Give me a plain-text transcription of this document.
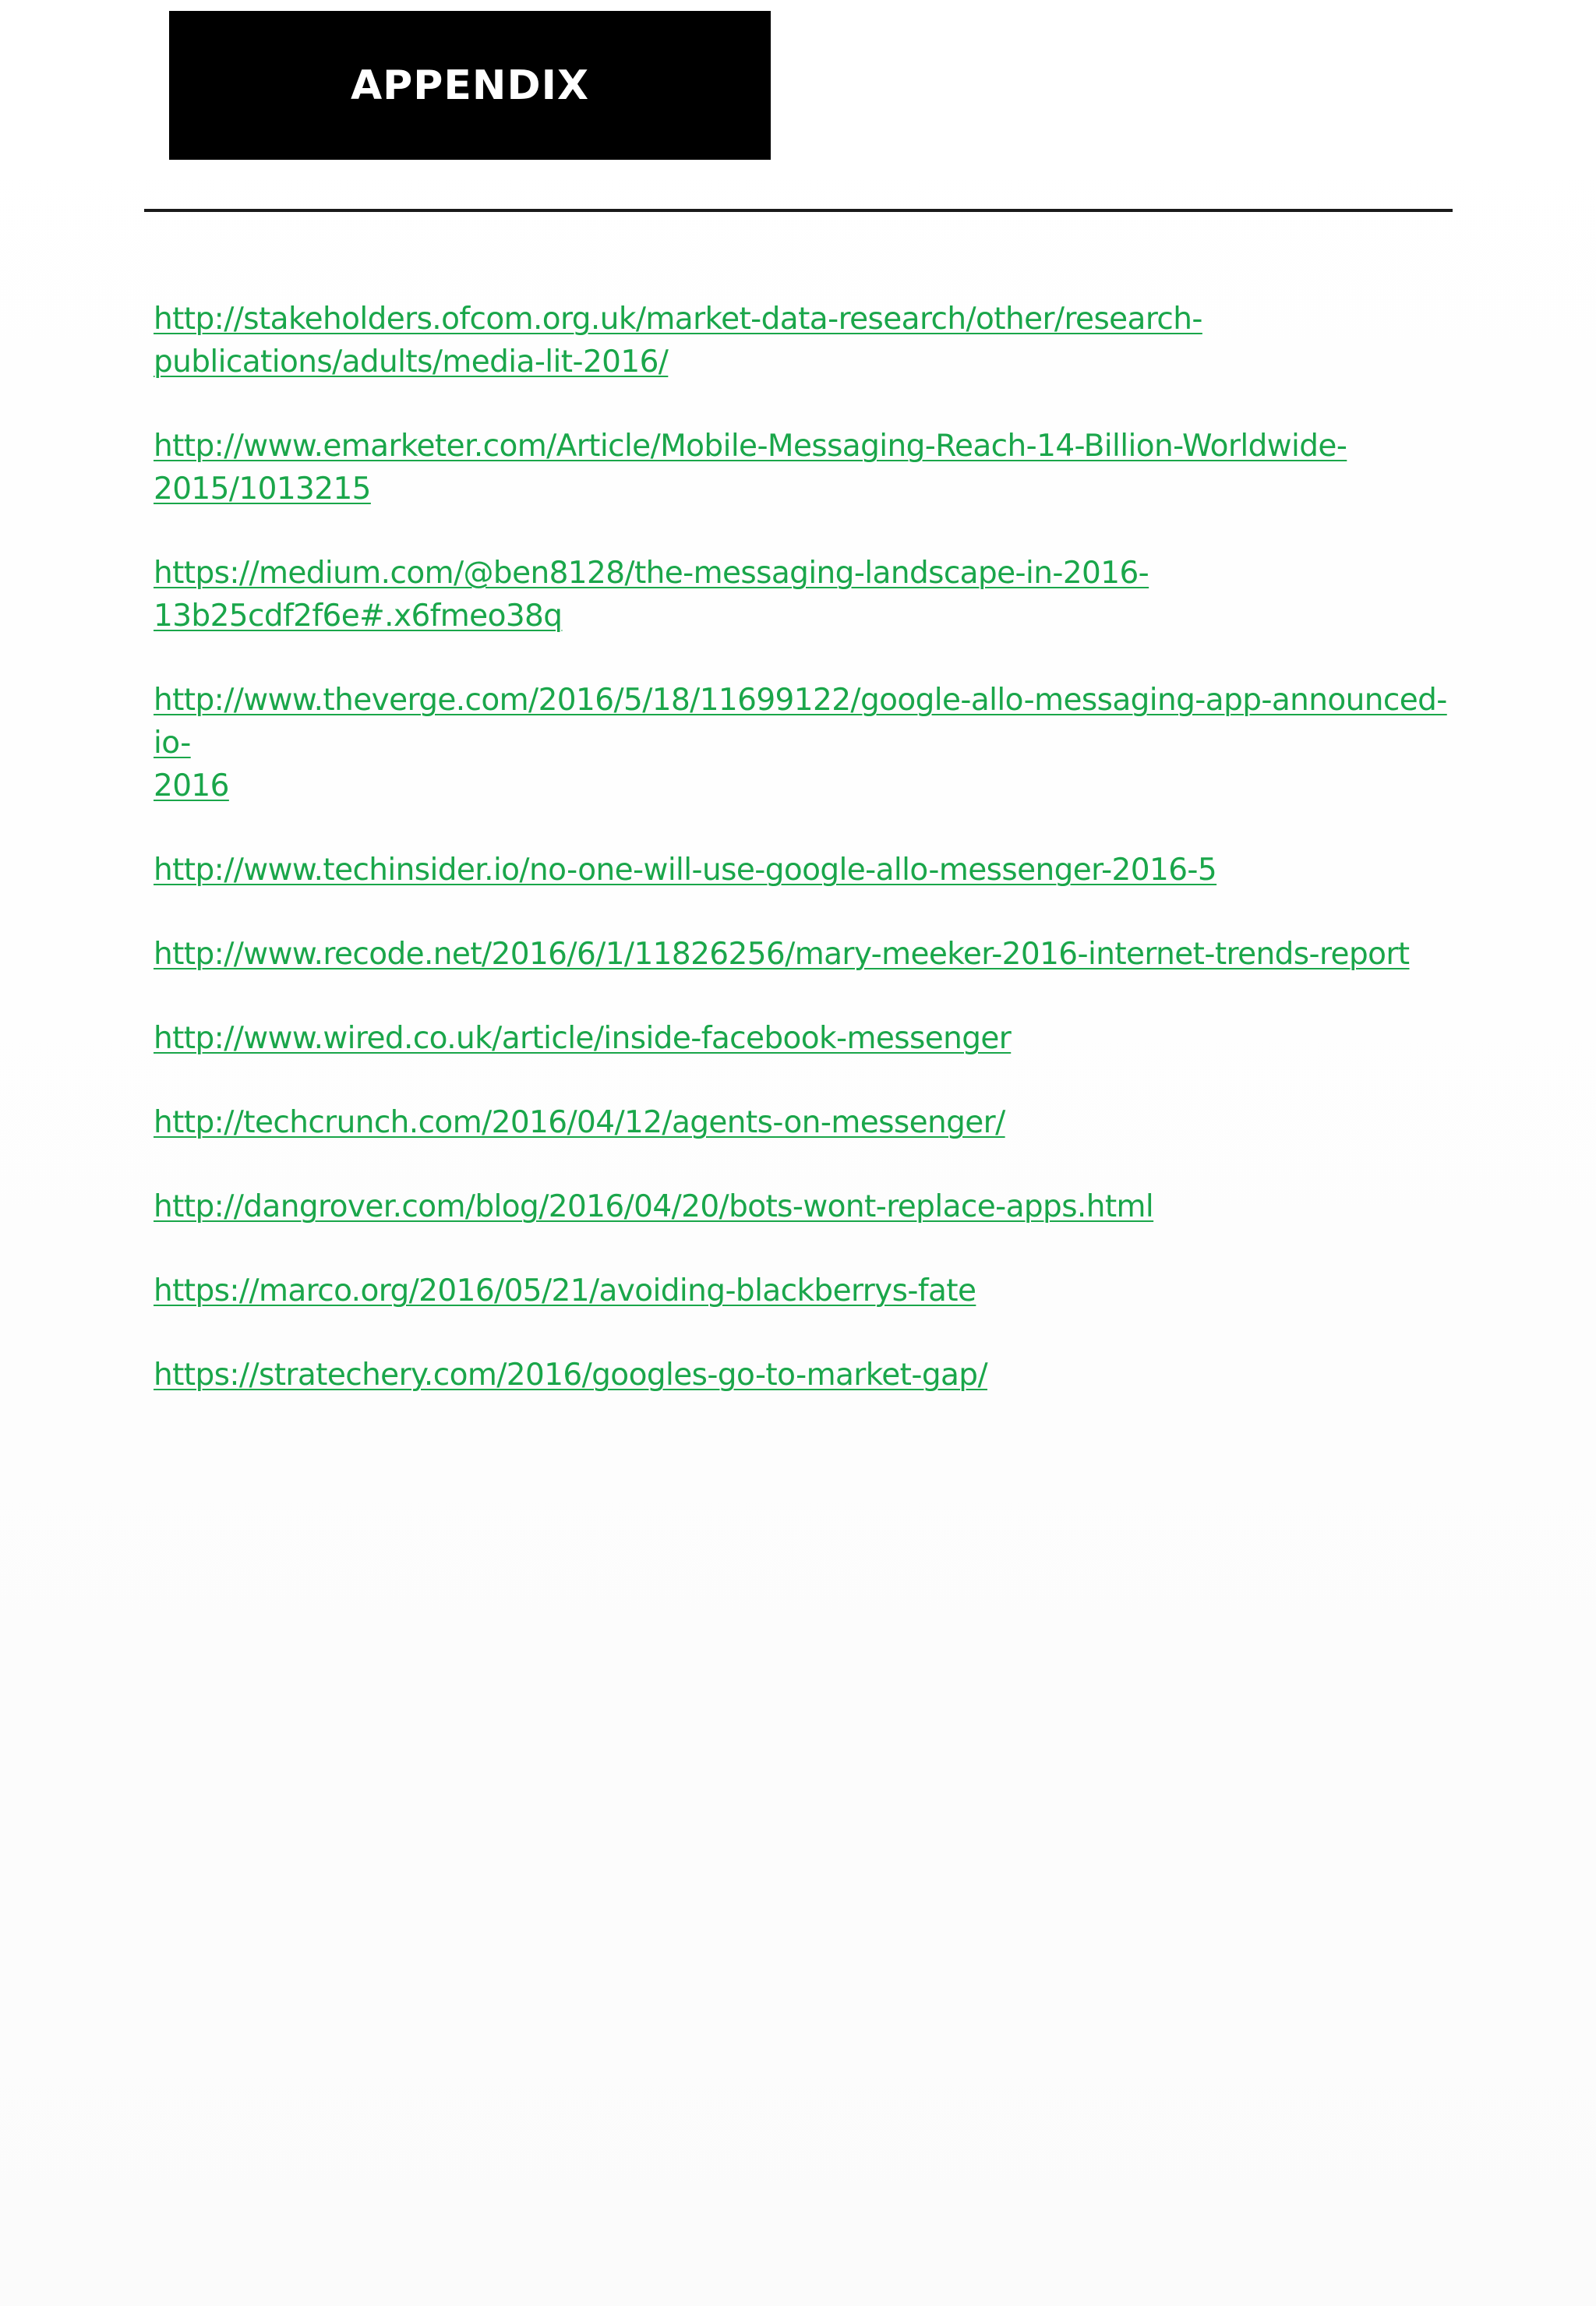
APPENDIX
http://stakeholders.ofcom.org.uk/market-data-research/other/research-
publications/adults/media-lit-2016/
http://www.emarketer.com/Article/Mobile-Messaging-Reach-14-Billion-Worldwide-
2015/1013215
https://medium.com/@ben8128/the-messaging-landscape-in-2016-
13b25cdf2f6e#.x6fmeo38q
http://www.theverge.com/2016/5/18/11699122/google-allo-messaging-app-announced-io-
2016
http://www.techinsider.io/no-one-will-use-google-allo-messenger-2016-5
http://www.recode.net/2016/6/1/11826256/mary-meeker-2016-internet-trends-report
http://www.wired.co.uk/article/inside-facebook-messenger
http://techcrunch.com/2016/04/12/agents-on-messenger/
http://dangrover.com/blog/2016/04/20/bots-wont-replace-apps.html
https://marco.org/2016/05/21/avoiding-blackberrys-fate
https://stratechery.com/2016/googles-go-to-market-gap/
